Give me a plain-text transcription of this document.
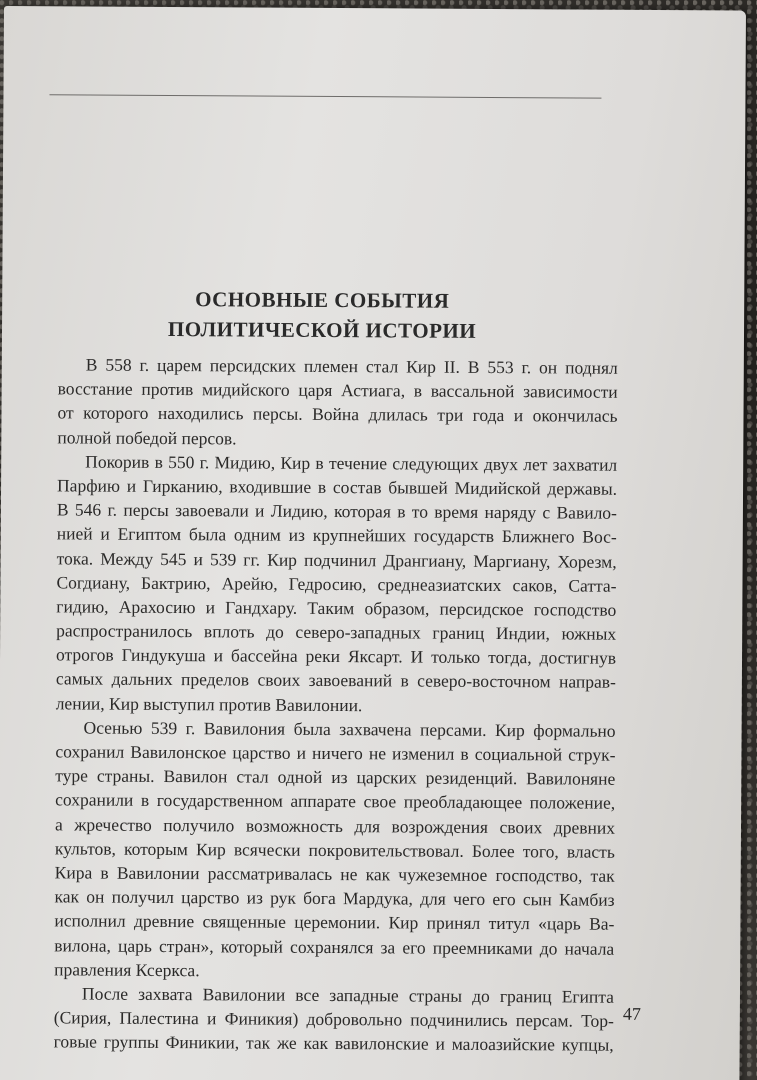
ОСНОВНЫЕ СОБЫТИЯ
ПОЛИТИЧЕСКОЙ ИСТОРИИ
В 558 г. царем персидских племен стал Кир II. В 553 г. он поднял
восстание против мидийского царя Астиага, в вассальной зависимости
от которого находились персы. Война длилась три года и окончилась
полной победой персов.
Покорив в 550 г. Мидию, Кир в течение следующих двух лет захватил
Парфию и Гирканию, входившие в состав бывшей Мидийской державы.
В 546 г. персы завоевали и Лидию, которая в то время наряду с Вавило-
нией и Египтом была одним из крупнейших государств Ближнего Вос-
тока. Между 545 и 539 гг. Кир подчинил Дрангиану, Маргиану, Хорезм,
Согдиану, Бактрию, Арейю, Гедросию, среднеазиатских саков, Сатта-
гидию, Арахосию и Гандхару. Таким образом, персидское господство
распространилось вплоть до северо-западных границ Индии, южных
отрогов Гиндукуша и бассейна реки Яксарт. И только тогда, достигнув
самых дальних пределов своих завоеваний в северо-восточном направ-
лении, Кир выступил против Вавилонии.
Осенью 539 г. Вавилония была захвачена персами. Кир формально
сохранил Вавилонское царство и ничего не изменил в социальной струк-
туре страны. Вавилон стал одной из царских резиденций. Вавилоняне
сохранили в государственном аппарате свое преобладающее положение,
а жречество получило возможность для возрождения своих древних
культов, которым Кир всячески покровительствовал. Более того, власть
Кира в Вавилонии рассматривалась не как чужеземное господство, так
как он получил царство из рук бога Мардука, для чего его сын Камбиз
исполнил древние священные церемонии. Кир принял титул «царь Ва-
вилона, царь стран», который сохранялся за его преемниками до начала
правления Ксеркса.
После захвата Вавилонии все западные страны до границ Египта
(Сирия, Палестина и Финикия) добровольно подчинились персам. Тор-
говые группы Финикии, так же как вавилонские и малоазийские купцы,
47
